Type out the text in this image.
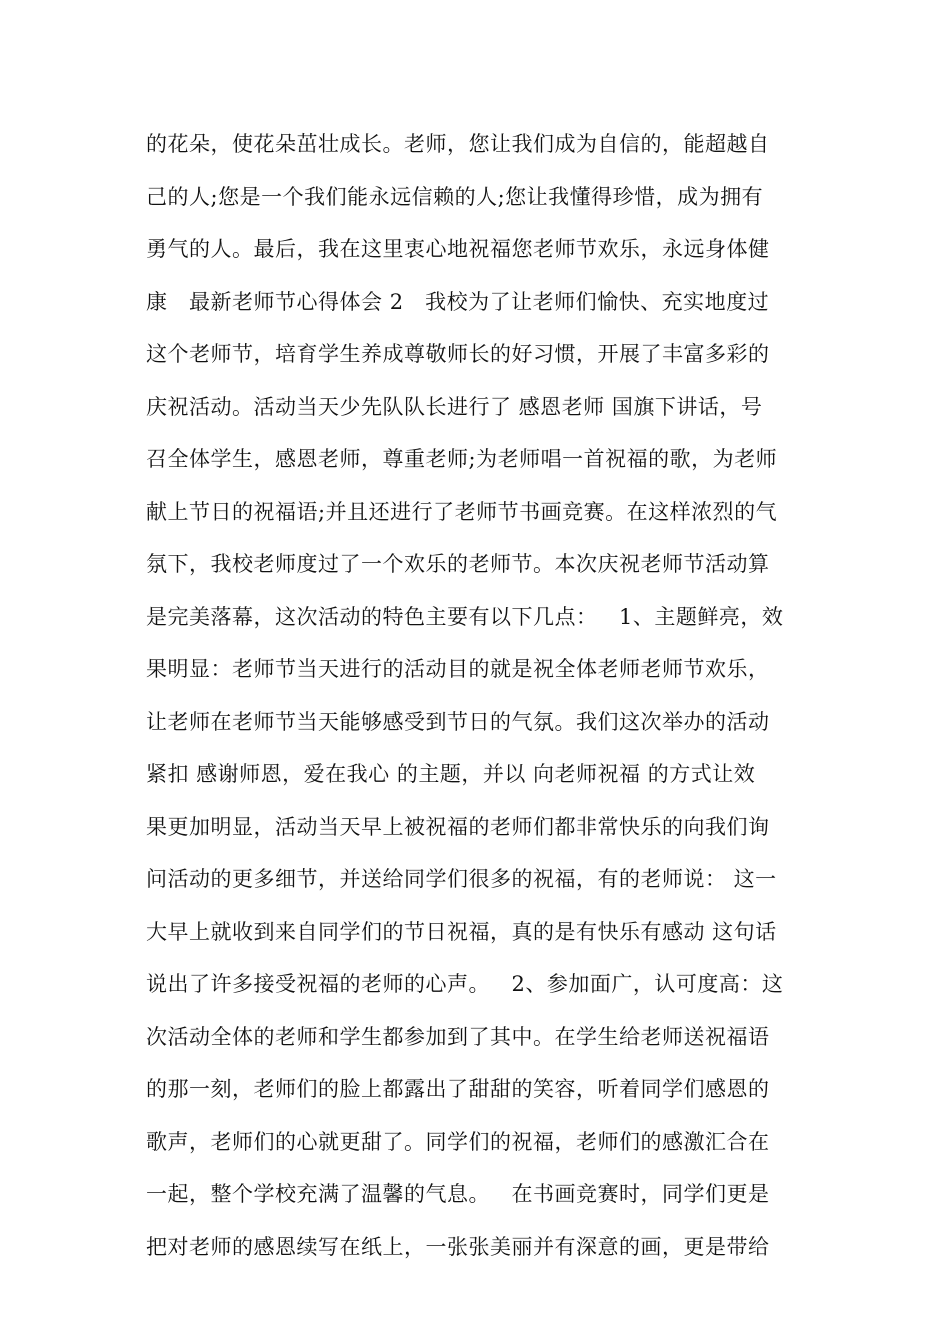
的花朵，使花朵茁壮成长。老师，您让我们成为自信的，能超越自
己的人;您是一个我们能永远信赖的人;您让我懂得珍惜，成为拥有
勇气的人。最后，我在这里衷心地祝福您老师节欢乐，永远身体健
康   最新老师节心得体会 2   我校为了让老师们愉快、充实地度过
这个老师节，培育学生养成尊敬师长的好习惯，开展了丰富多彩的
庆祝活动。活动当天少先队队长进行了 感恩老师 国旗下讲话，号
召全体学生，感恩老师，尊重老师;为老师唱一首祝福的歌，为老师
献上节日的祝福语;并且还进行了老师节书画竞赛。在这样浓烈的气
氛下，我校老师度过了一个欢乐的老师节。本次庆祝老师节活动算
是完美落幕，这次活动的特色主要有以下几点：   1、主题鲜亮，效
果明显：老师节当天进行的活动目的就是祝全体老师老师节欢乐，
让老师在老师节当天能够感受到节日的气氛。我们这次举办的活动
紧扣 感谢师恩，爱在我心 的主题，并以 向老师祝福 的方式让效
果更加明显，活动当天早上被祝福的老师们都非常快乐的向我们询
问活动的更多细节，并送给同学们很多的祝福，有的老师说： 这一
大早上就收到来自同学们的节日祝福，真的是有快乐有感动 这句话
说出了许多接受祝福的老师的心声。   2、参加面广，认可度高：这
次活动全体的老师和学生都参加到了其中。在学生给老师送祝福语
的那一刻，老师们的脸上都露出了甜甜的笑容，听着同学们感恩的
歌声，老师们的心就更甜了。同学们的祝福，老师们的感激汇合在
一起，整个学校充满了温馨的气息。   在书画竞赛时，同学们更是
把对老师的感恩续写在纸上，一张张美丽并有深意的画，更是带给
